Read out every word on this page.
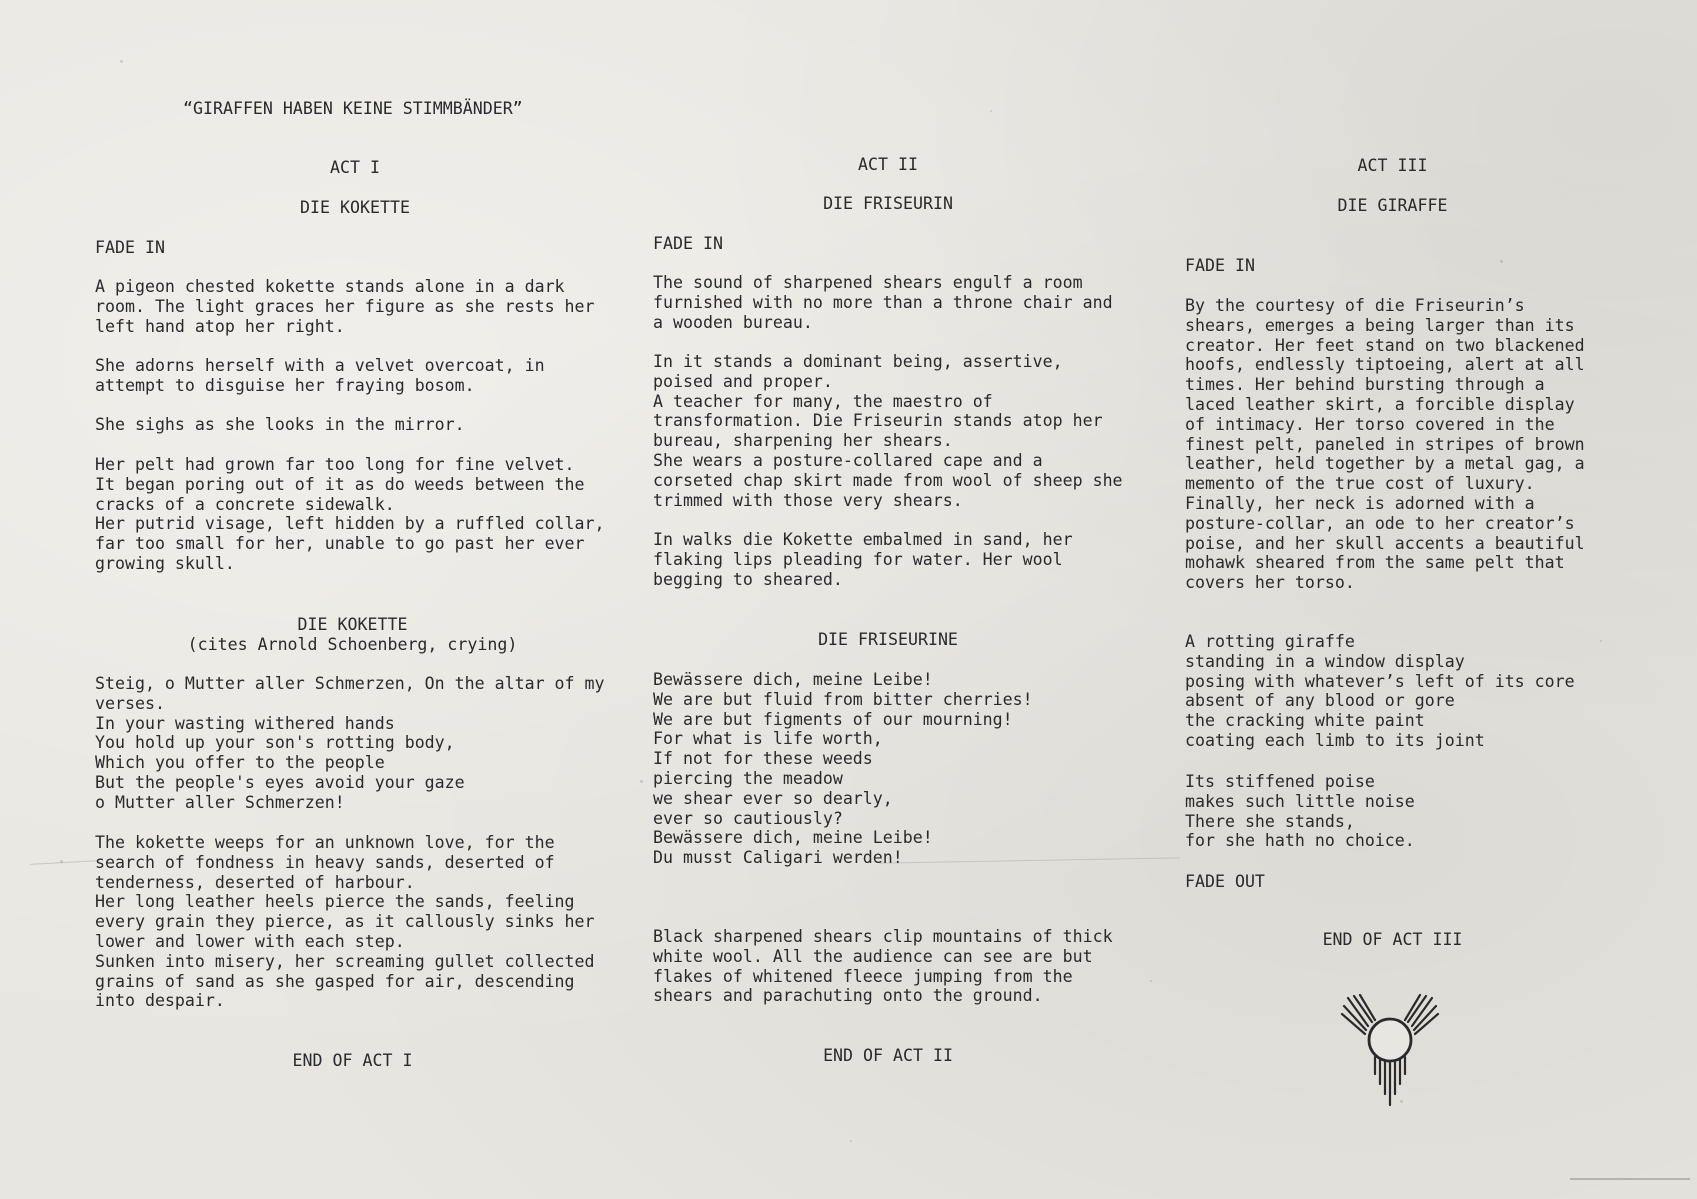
“GIRAFFEN HABEN KEINE STIMMBÄNDER”
ACT I
DIE KOKETTE
FADE IN
A pigeon chested kokette stands alone in a dark
room. The light graces her figure as she rests her
left hand atop her right.
She adorns herself with a velvet overcoat, in
attempt to disguise her fraying bosom.
She sighs as she looks in the mirror.
Her pelt had grown far too long for fine velvet.
It began poring out of it as do weeds between the
cracks of a concrete sidewalk.
Her putrid visage, left hidden by a ruffled collar,
far too small for her, unable to go past her ever
growing skull.
DIE KOKETTE
(cites Arnold Schoenberg, crying)
Steig, o Mutter aller Schmerzen, On the altar of my
verses.
In your wasting withered hands
You hold up your son's rotting body,
Which you offer to the people
But the people's eyes avoid your gaze
o Mutter aller Schmerzen!
The kokette weeps for an unknown love, for the
search of fondness in heavy sands, deserted of
tenderness, deserted of harbour.
Her long leather heels pierce the sands, feeling
every grain they pierce, as it callously sinks her
lower and lower with each step.
Sunken into misery, her screaming gullet collected
grains of sand as she gasped for air, descending
into despair.
END OF ACT I
ACT II
DIE FRISEURIN
FADE IN
The sound of sharpened shears engulf a room
furnished with no more than a throne chair and
a wooden bureau.
In it stands a dominant being, assertive,
poised and proper.
A teacher for many, the maestro of
transformation. Die Friseurin stands atop her
bureau, sharpening her shears.
She wears a posture-collared cape and a
corseted chap skirt made from wool of sheep she
trimmed with those very shears.
In walks die Kokette embalmed in sand, her
flaking lips pleading for water. Her wool
begging to sheared.
DIE FRISEURINE
Bewässere dich, meine Leibe!
We are but fluid from bitter cherries!
We are but figments of our mourning!
For what is life worth,
If not for these weeds
piercing the meadow
we shear ever so dearly,
ever so cautiously?
Bewässere dich, meine Leibe!
Du musst Caligari werden!
Black sharpened shears clip mountains of thick
white wool. All the audience can see are but
flakes of whitened fleece jumping from the
shears and parachuting onto the ground.
END OF ACT II
ACT III
DIE GIRAFFE
FADE IN
By the courtesy of die Friseurin’s
shears, emerges a being larger than its
creator. Her feet stand on two blackened
hoofs, endlessly tiptoeing, alert at all
times. Her behind bursting through a
laced leather skirt, a forcible display
of intimacy. Her torso covered in the
finest pelt, paneled in stripes of brown
leather, held together by a metal gag, a
memento of the true cost of luxury.
Finally, her neck is adorned with a
posture-collar, an ode to her creator’s
poise, and her skull accents a beautiful
mohawk sheared from the same pelt that
covers her torso.
A rotting giraffe
standing in a window display
posing with whatever’s left of its core
absent of any blood or gore
the cracking white paint
coating each limb to its joint
Its stiffened poise
makes such little noise
There she stands,
for she hath no choice.
FADE OUT
END OF ACT III
